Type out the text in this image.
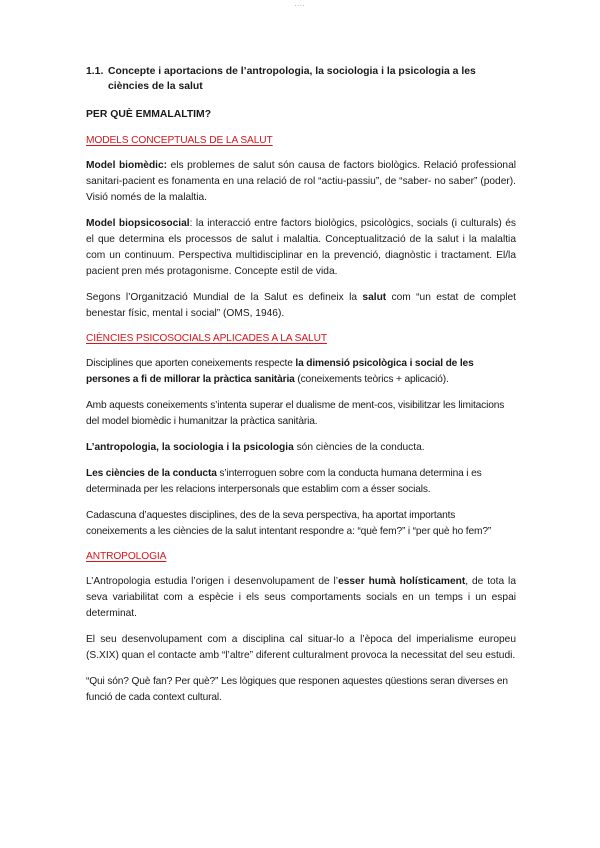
....
1.1. Concepte i aportacions de l’antropologia, la sociologia i la psicologia a les ciències de la salut
PER QUÈ EMMALALTIM?
MODELS CONCEPTUALS DE LA SALUT

Model biomèdic: els problemes de salut són causa de factors biològics. Relació professional sanitari-pacient es fonamenta en una relació de rol “actiu-passiu”, de “saber- no saber” (poder). Visió només de la malaltia.

Model biopsicosocial: la interacció entre factors biològics, psicològics, socials (i culturals) és el que determina els processos de salut i malaltia. Conceptualització de la salut i la malaltia com un continuum. Perspectiva multidisciplinar en la prevenció, diagnòstic i tractament. El/la pacient pren més protagonisme. Concepte estil de vida.

Segons l’Organització Mundial de la Salut es defineix la salut com “un estat de complet benestar físic, mental i social” (OMS, 1946).

CIÈNCIES PSICOSOCIALS APLICADES A LA SALUT

Disciplines que aporten coneixements respecte la dimensió psicològica i social de les persones a fi de millorar la pràctica sanitària (coneixements teòrics + aplicació).

Amb aquests coneixements s’intenta superar el dualisme de ment-cos, visibilitzar les limitacions del model biomèdic i humanitzar la pràctica sanitària.

L’antropologia, la sociologia i la psicologia són ciències de la conducta.

Les ciències de la conducta s’interroguen sobre com la conducta humana determina i es determinada per les relacions interpersonals que establim com a ésser socials.

Cadascuna d’aquestes disciplines, des de la seva perspectiva, ha aportat importants coneixements a les ciències de la salut intentant respondre a: “què fem?” i “per què ho fem?”

ANTROPOLOGIA

L’Antropologia estudia l’origen i desenvolupament de l’esser humà holísticament, de tota la seva variabilitat com a espècie i els seus comportaments socials en un temps i un espai determinat.

El seu desenvolupament com a disciplina cal situar-lo a l’època del imperialisme europeu (S.XIX) quan el contacte amb “l’altre” diferent culturalment provoca la necessitat del seu estudi.

“Qui són? Què fan? Per què?” Les lògiques que responen aquestes qüestions seran diverses en funció de cada context cultural.
